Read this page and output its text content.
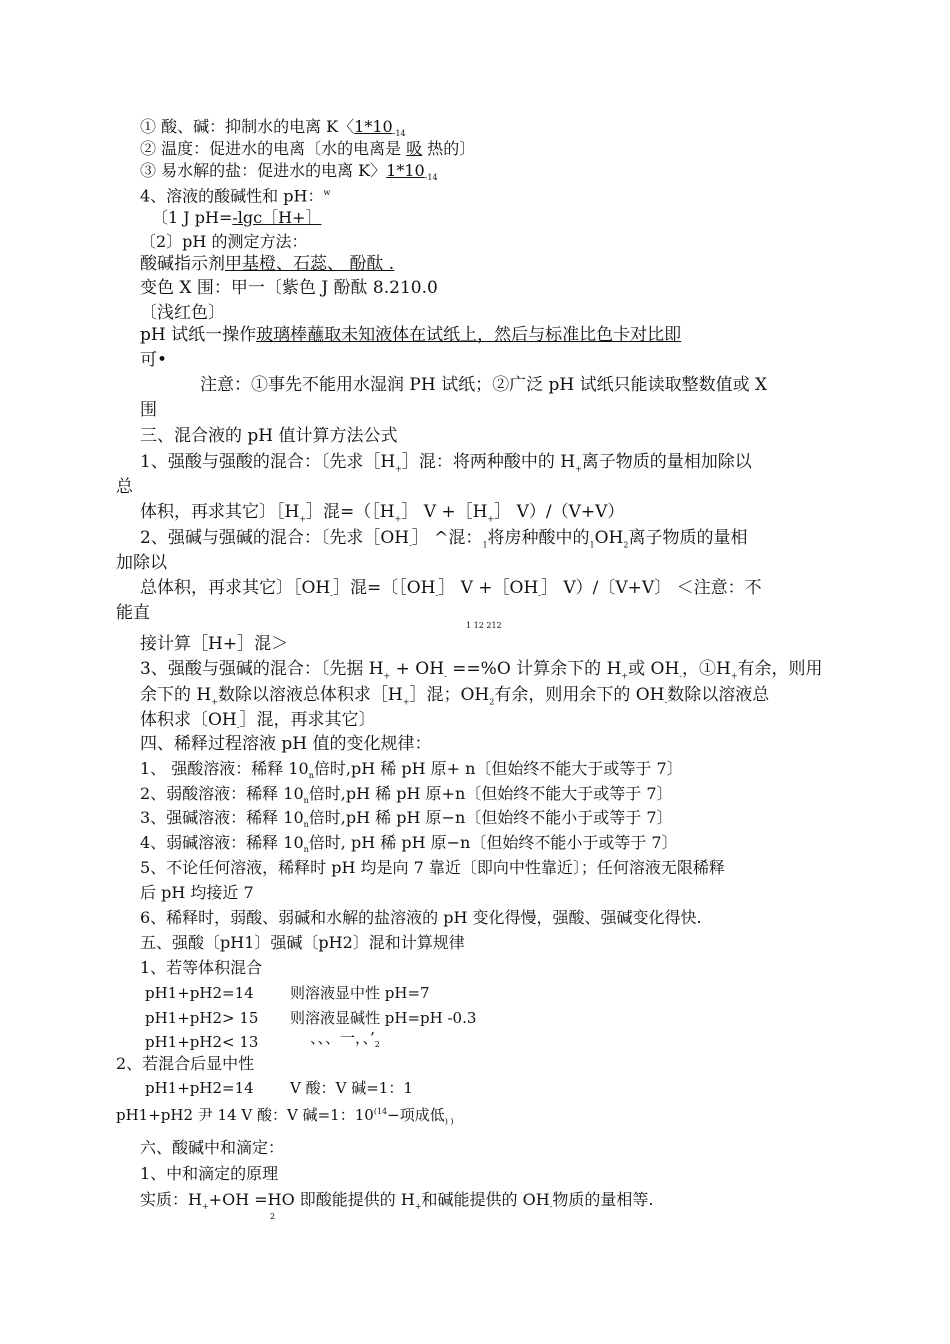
① 酸、碱：抑制水的电离 K〈$1*10_{-14}$
② 温度：促进水的电离〔水的电离是 吸 热的〕
③ 易水解的盐：促进水的电离 K〉$1*10_{-14}$
4、溶液的酸碱性和 pH：$^w$
〔1 J pH=-lgc［H+］
〔2〕pH 的测定方法：
酸碱指示剂甲基橙、石蕊、 酚酞 .
变色 X 围：甲一〔紫色 J 酚酞 8.210.0
〔浅红色〕
pH 试纸一操作玻璃棒蘸取未知液体在试纸上，然后与标准比色卡对比即
可•
注意：①事先不能用水湿润 PH 试纸；②广泛 pH 试纸只能读取整数值或 X
围
三、混合液的 pH 值计算方法公式
1、强酸与强酸的混合：〔先求$[H_+]$混：将两种酸中的 $H_+$离子物质的量相加除以
总
体积，再求其它〕$[H_+]$混$=([H_+]$ $V +[H_+]$ V）/（V+V）
2、强碱与强碱的混合：〔先求$[OH_-]$ ^混：$_1$将房种酸中的$_1OH_2$离子物质的量相
加除以
总体积，再求其它〕$[OH_-]$混=〔$[OH_-]$ $V +[OH_-]$ V）/〔V+V〕 ＜注意：不
能直
1 12 212
接计算［H+］混＞
3、强酸与强碱的混合：〔先据 $H_+ + OH_- ==\%O$ 计算余下的 $H_+$或 $OH_-$，$①H_+$有余，则用
余下的 $H_+$数除以溶液总体积求$[H_+]$混；$OH_2$有余，则用余下的 $OH_-$数除以溶液总
体积求〔$OH_-]$混，再求其它〕
四、稀释过程溶液 pH 值的变化规律：
1、 强酸溶液：稀释 $10_n$倍时,pH 稀 pH 原+ n〔但始终不能大于或等于 7〕
2、弱酸溶液：稀释 $10_n$倍时,pH 稀 pH 原+n〔但始终不能大于或等于 7〕
3、强碱溶液：稀释 $10_n$倍时,pH 稀 pH 原−n〔但始终不能小于或等于 7〕
4、弱碱溶液：稀释 $10_n$倍时, pH 稀 pH 原−n〔但始终不能小于或等于 7〕
5、不论任何溶液，稀释时 pH 均是向 7 靠近〔即向中性靠近〕；任何溶液无限稀释
后 pH 均接近 7
6、稀释时，弱酸、弱碱和水解的盐溶液的 pH 变化得慢，强酸、强碱变化得快.
五、强酸〔pH1〕强碱〔pH2〕混和计算规律
1、若等体积混合
pH1+pH2=14 则溶液显中性 pH=7
pH1+pH2> 15 则溶液显碱性 pH=pH -0.3
pH1+pH2< 13	、、、一，、$’_2$
2、若混合后显中性
pH1+pH2=14 V 酸：V 碱=1：1
pH1+pH2 尹 14 V 酸：V 碱=1：$10^{(14}-$项成低$_{) )}$
六、酸碱中和滴定：
1、中和滴定的原理
实质：$H_++OH =HO$ 即酸能提供的 $H_+$和碱能提供的 $OH_-$物质的量相等.
2
